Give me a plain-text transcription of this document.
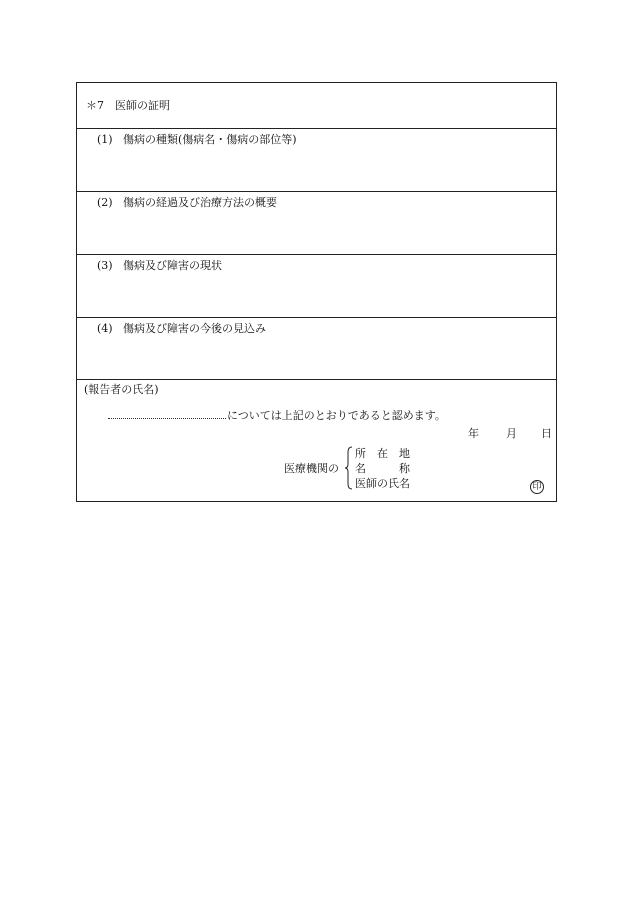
＊7　医師の証明
(1) 傷病の種類(傷病名・傷病の部位等)
(2) 傷病の経過及び治療方法の概要
(3) 傷病及び障害の現状
(4) 傷病及び障害の今後の見込み
(報告者の氏名)
については上記のとおりであると認めます。
年 月 日
医療機関の
所　在　地
名　　　称
医師の氏名	印
